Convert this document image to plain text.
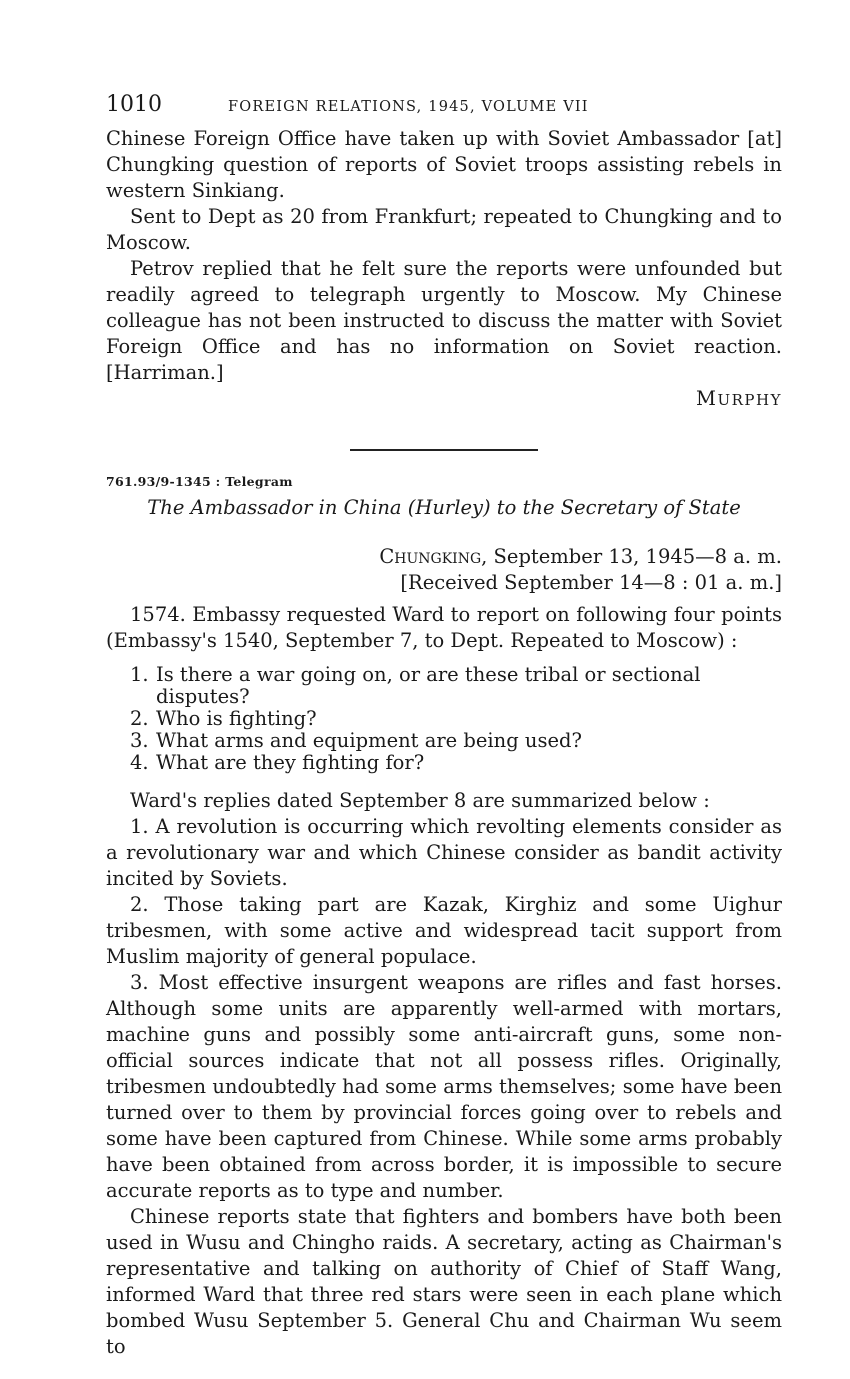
1010	FOREIGN RELATIONS, 1945, VOLUME VII

Chinese Foreign Office have taken up with Soviet Ambassador [at] Chungking question of reports of Soviet troops assisting rebels in western Sinkiang.

Sent to Dept as 20 from Frankfurt; repeated to Chungking and to Moscow.

Petrov replied that he felt sure the reports were unfounded but readily agreed to telegraph urgently to Moscow. My Chinese colleague has not been instructed to discuss the matter with Soviet Foreign Office and has no information on Soviet reaction. [Harriman.]

MURPHY
761.93/9-1345 : Telegram
The Ambassador in China (Hurley) to the Secretary of State
Chungking, September 13, 1945—8 a. m.
[Received September 14—8 : 01 a. m.]

1574. Embassy requested Ward to report on following four points (Embassy's 1540, September 7, to Dept. Repeated to Moscow) :

1. Is there a war going on, or are these tribal or sectional disputes?
2. Who is fighting?
3. What arms and equipment are being used?
4. What are they fighting for?

Ward's replies dated September 8 are summarized below :

1. A revolution is occurring which revolting elements consider as a revolutionary war and which Chinese consider as bandit activity incited by Soviets.

2. Those taking part are Kazak, Kirghiz and some Uighur tribesmen, with some active and widespread tacit support from Muslim majority of general populace.

3. Most effective insurgent weapons are rifles and fast horses. Although some units are apparently well-armed with mortars, machine guns and possibly some anti-aircraft guns, some non-official sources indicate that not all possess rifles. Originally, tribesmen undoubtedly had some arms themselves; some have been turned over to them by provincial forces going over to rebels and some have been captured from Chinese. While some arms probably have been obtained from across border, it is impossible to secure accurate reports as to type and number.

Chinese reports state that fighters and bombers have both been used in Wusu and Chingho raids. A secretary, acting as Chairman's representative and talking on authority of Chief of Staff Wang, informed Ward that three red stars were seen in each plane which bombed Wusu September 5. General Chu and Chairman Wu seem to
